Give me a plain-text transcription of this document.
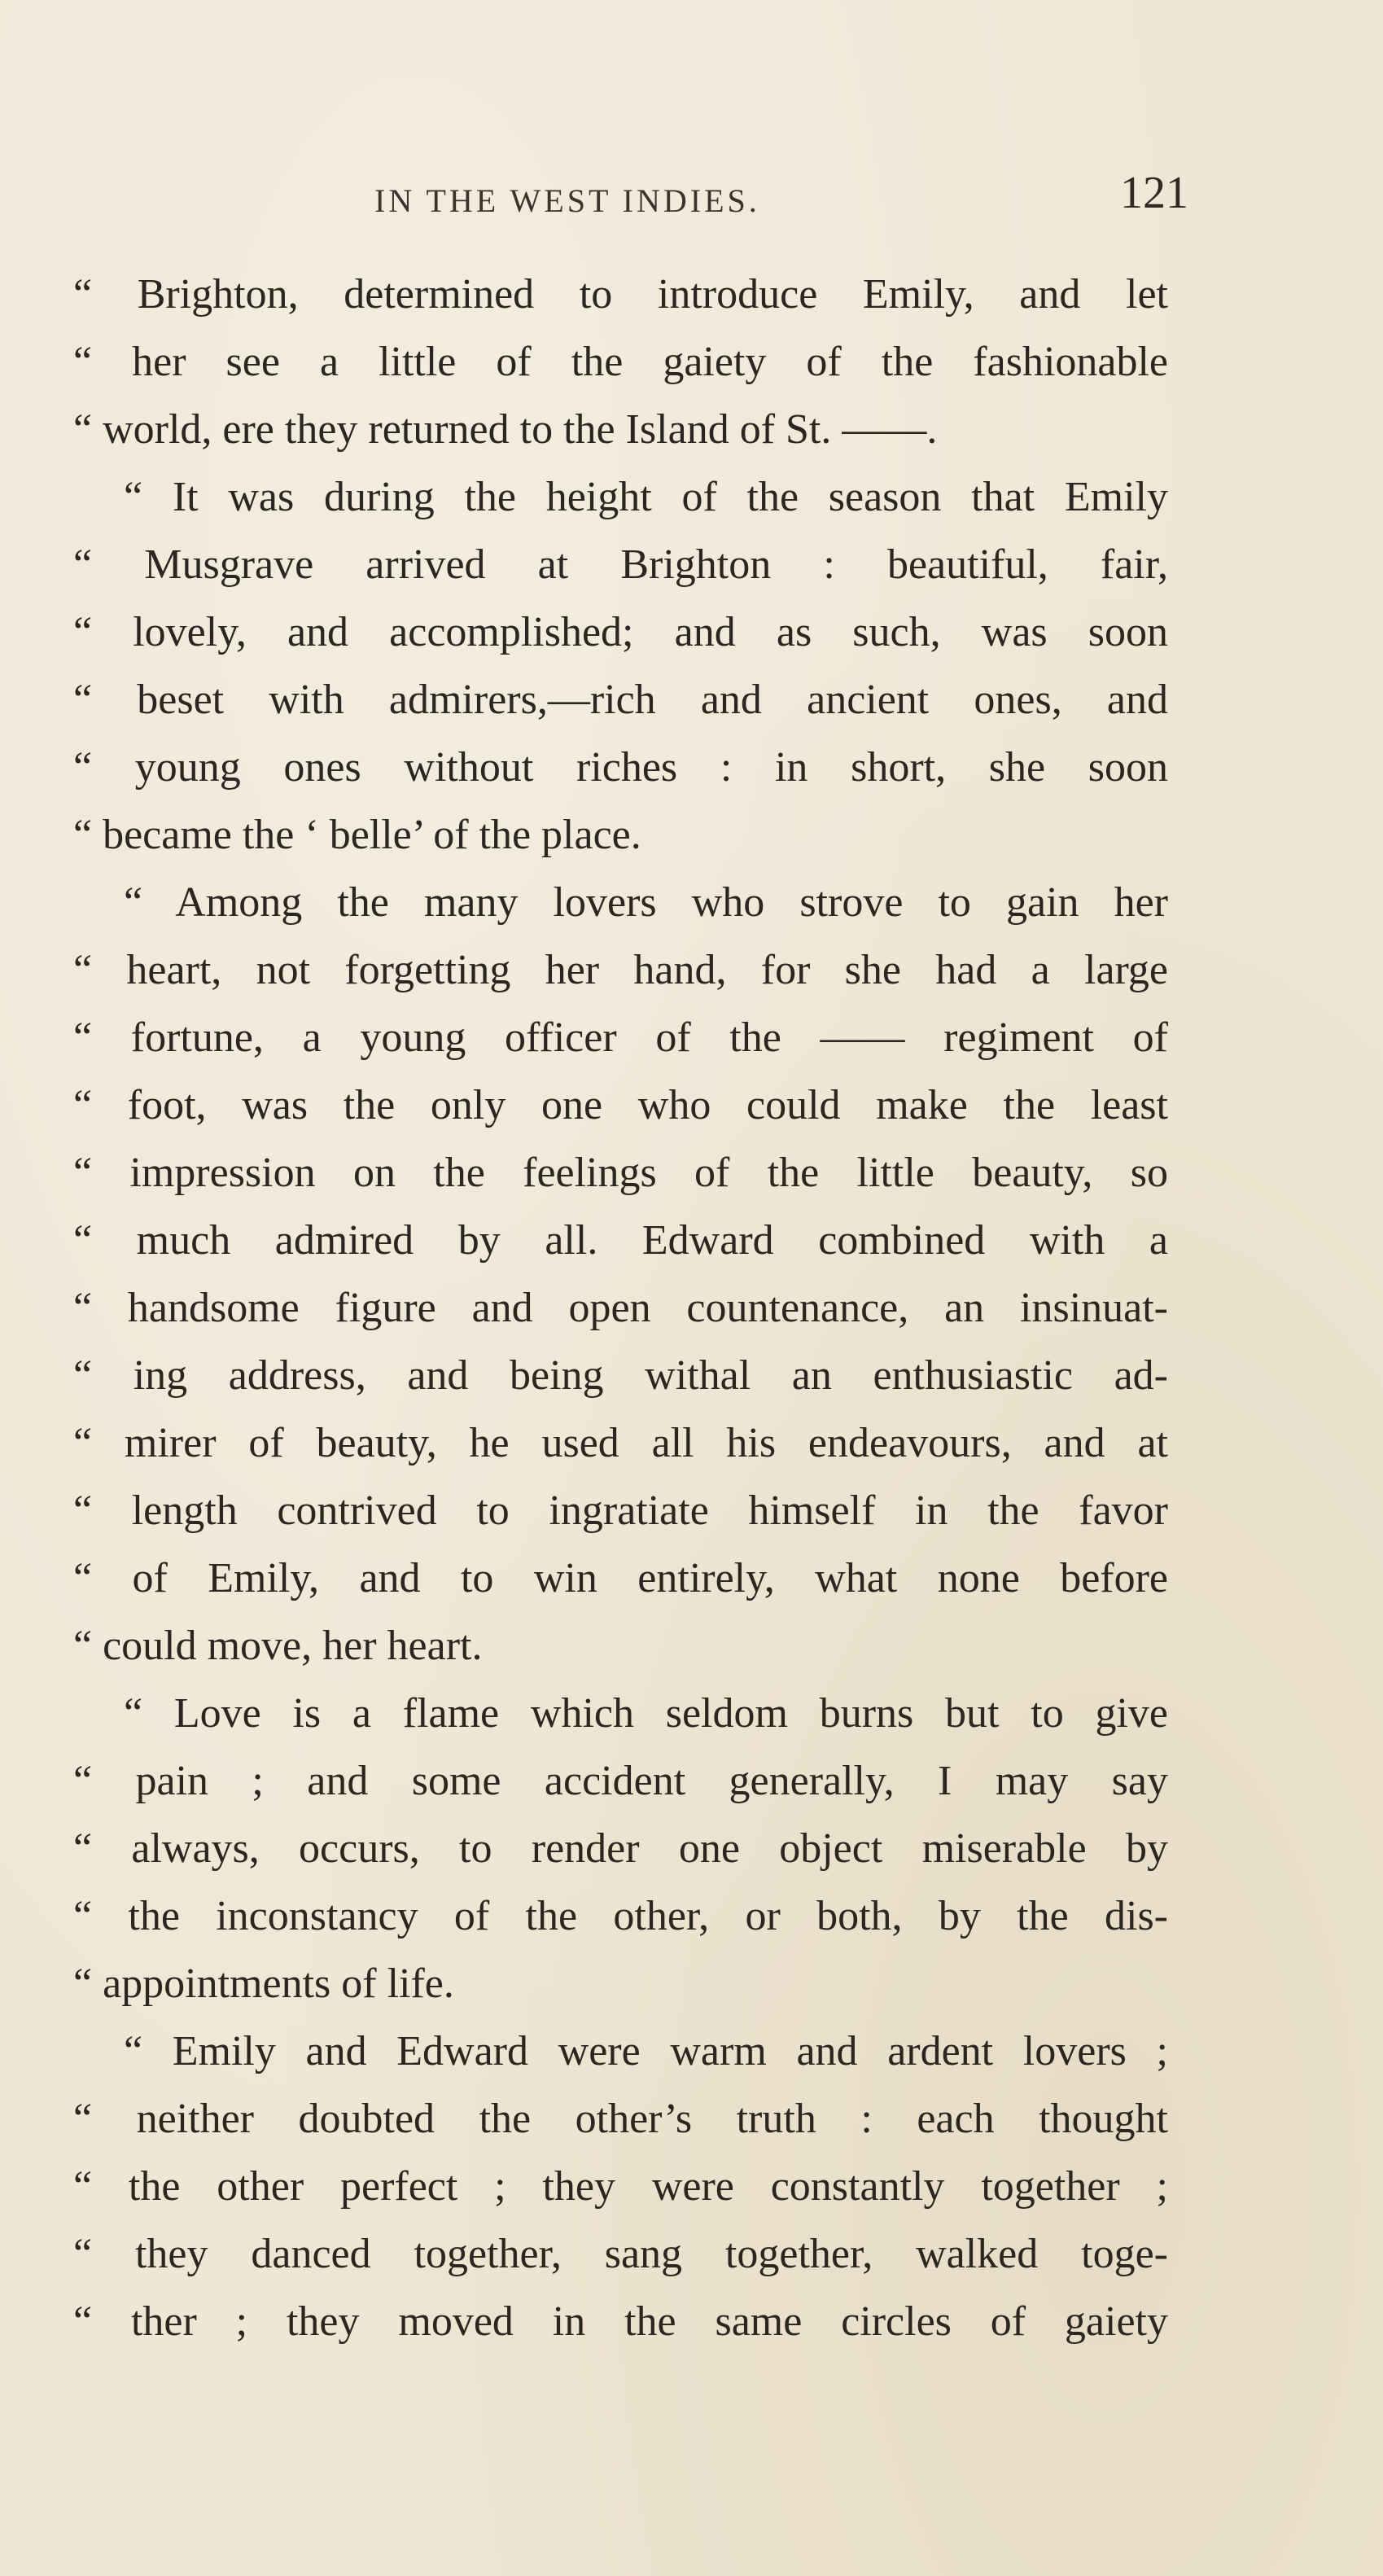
IN THE WEST INDIES.	121
“ Brighton, determined to introduce Emily, and let
“ her see a little of the gaiety of the fashionable
“ world, ere they returned to the Island of St. ——.
“ It was during the height of the season that Emily
“ Musgrave arrived at Brighton : beautiful, fair,
“ lovely, and accomplished; and as such, was soon
“ beset with admirers,—rich and ancient ones, and
“ young ones without riches : in short, she soon
“ became the ‘ belle’ of the place.
“ Among the many lovers who strove to gain her
“ heart, not forgetting her hand, for she had a large
“ fortune, a young officer of the —— regiment of
“ foot, was the only one who could make the least
“ impression on the feelings of the little beauty, so
“ much admired by all. Edward combined with a
“ handsome figure and open countenance, an insinuat-
“ ing address, and being withal an enthusiastic ad-
“ mirer of beauty, he used all his endeavours, and at
“ length contrived to ingratiate himself in the favor
“ of Emily, and to win entirely, what none before
“ could move, her heart.
“ Love is a flame which seldom burns but to give
“ pain ; and some accident generally, I may say
“ always, occurs, to render one object miserable by
“ the inconstancy of the other, or both, by the dis-
“ appointments of life.
“ Emily and Edward were warm and ardent lovers ;
“ neither doubted the other’s truth : each thought
“ the other perfect ; they were constantly together ;
“ they danced together, sang together, walked toge-
“ ther ; they moved in the same circles of gaiety
